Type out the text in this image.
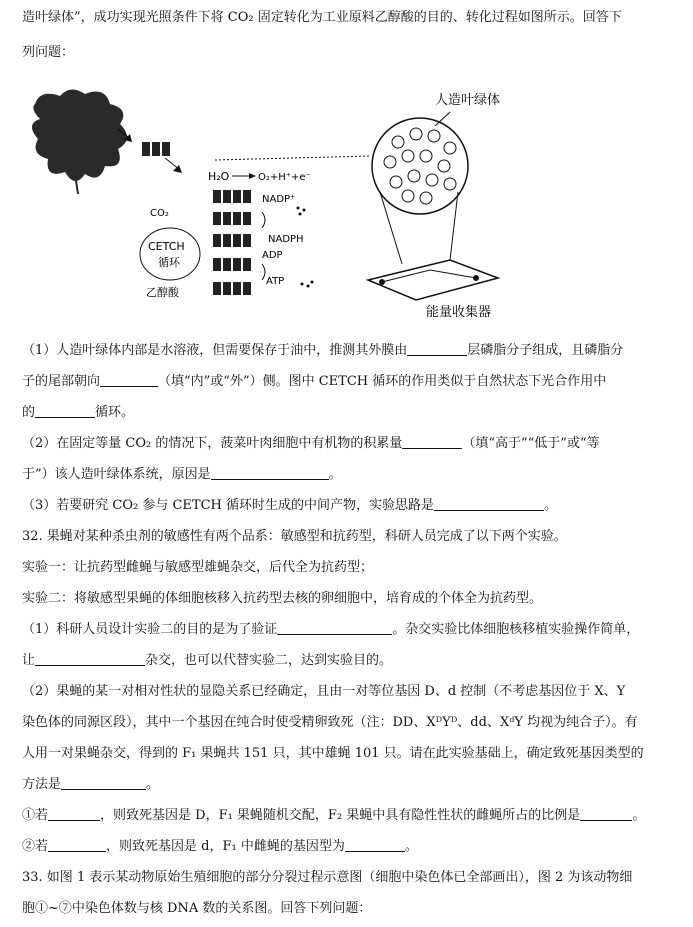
造叶绿体”，成功实现光照条件下将 CO₂ 固定转化为工业原料乙醇酸的目的、转化过程如图所示。回答下
列问题：
H₂O	O₂+H⁺+e⁻
NADP⁺
NADPH
ADP
ATP
CO₂
CETCH
循环
乙醇酸
人造叶绿体
能量收集器
（1）人造叶绿体内部是水溶液，但需要保存于油中，推测其外膜由	层磷脂分子组成，且磷脂分
子的尾部朝向	（填“内”或“外”）侧。图中 CETCH 循环的作用类似于自然状态下光合作用中
的	循环。
（2）在固定等量 CO₂ 的情况下，菠菜叶肉细胞中有机物的积累量	（填“高于”“低于”或“等
于”）该人造叶绿体系统，原因是	。
（3）若要研究 CO₂ 参与 CETCH 循环时生成的中间产物，实验思路是	。
32. 果蝇对某种杀虫剂的敏感性有两个品系：敏感型和抗药型，科研人员完成了以下两个实验。
实验一：让抗药型雌蝇与敏感型雄蝇杂交，后代全为抗药型；
实验二：将敏感型果蝇的体细胞核移入抗药型去核的卵细胞中，培育成的个体全为抗药型。
（1）科研人员设计实验二的目的是为了验证	。杂交实验比体细胞核移植实验操作简单，
让	杂交，也可以代替实验二，达到实验目的。
（2）果蝇的某一对相对性状的显隐关系已经确定，且由一对等位基因 D、d 控制（不考虑基因位于 X、Y
染色体的同源区段），其中一个基因在纯合时使受精卵致死（注：DD、XᴰYᴰ、dd、XᵈY 均视为纯合子）。有
人用一对果蝇杂交，得到的 F₁ 果蝇共 151 只，其中雄蝇 101 只。请在此实验基础上，确定致死基因类型的
方法是	。
①若	，则致死基因是 D，F₁ 果蝇随机交配，F₂ 果蝇中具有隐性性状的雌蝇所占的比例是	。
②若	，则致死基因是 d，F₁ 中雌蝇的基因型为	。
33. 如图 1 表示某动物原始生殖细胞的部分分裂过程示意图（细胞中染色体已全部画出），图 2 为该动物细
胞①~⑦中染色体数与核 DNA 数的关系图。回答下列问题：
